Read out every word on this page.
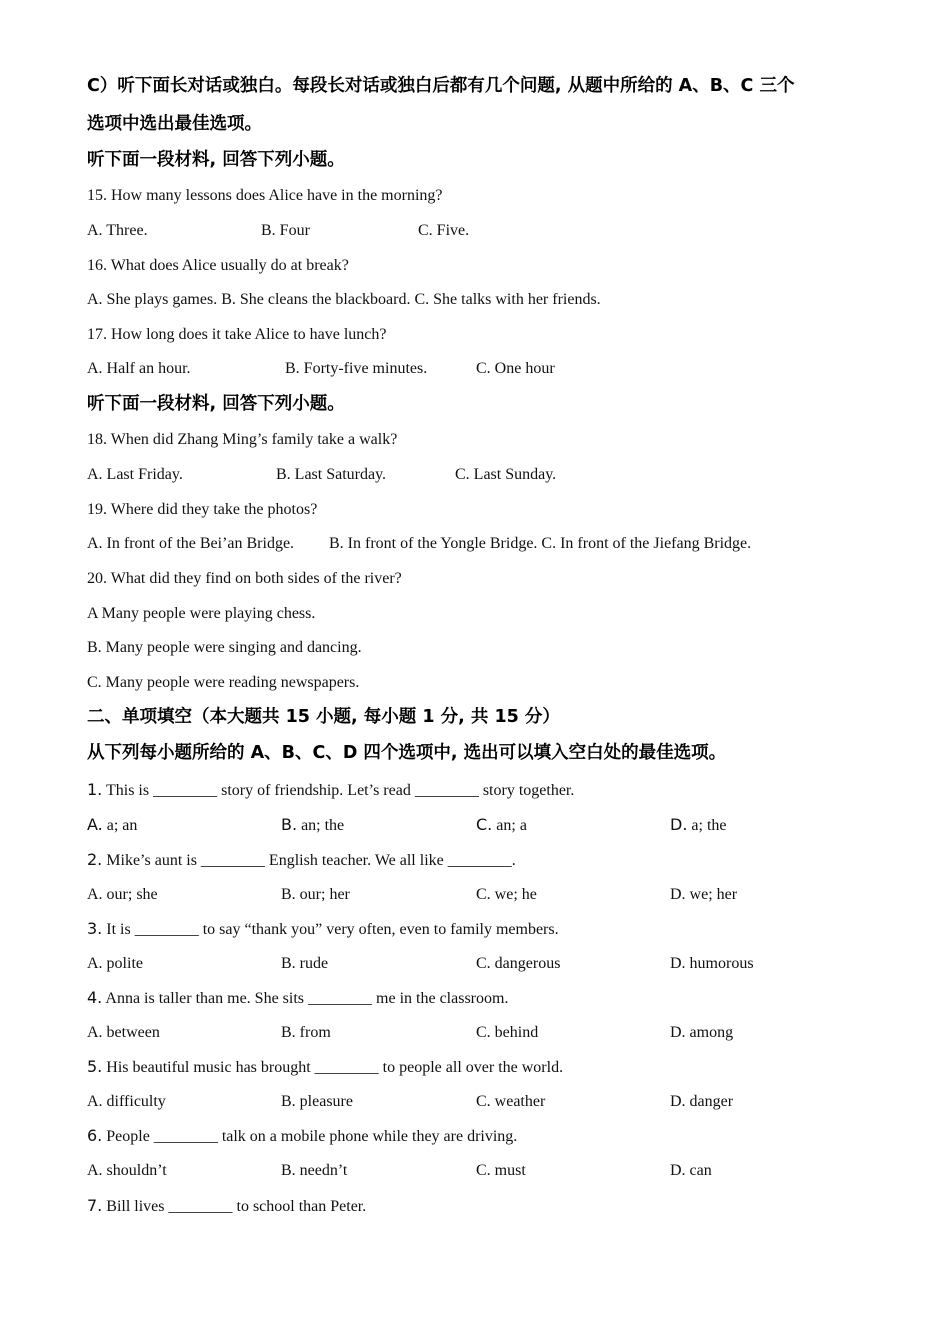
C）听下面长对话或独白。每段长对话或独白后都有几个问题, 从题中所给的 A、B、C 三个
选项中选出最佳选项。
听下面一段材料, 回答下列小题。
15. How many lessons does Alice have in the morning?
A. Three.	B. Four	C. Five.
16. What does Alice usually do at break?
A. She plays games. B. She cleans the blackboard. C. She talks with her friends.
17. How long does it take Alice to have lunch?
A. Half an hour.	B. Forty-five minutes.	C. One hour
听下面一段材料, 回答下列小题。
18. When did Zhang Ming’s family take a walk?
A. Last Friday.	B. Last Saturday.	C. Last Sunday.
19. Where did they take the photos?
A. In front of the Bei’an Bridge. B. In front of the Yongle Bridge. C. In front of the Jiefang Bridge.
20. What did they find on both sides of the river?
A Many people were playing chess.
B. Many people were singing and dancing.
C. Many people were reading newspapers.
二、单项填空（本大题共 15 小题, 每小题 1 分, 共 15 分）
从下列每小题所给的 A、B、C、D 四个选项中, 选出可以填入空白处的最佳选项。
1. This is ________ story of friendship. Let’s read ________ story together.
A. a; an	B. an; the	C. an; a	D. a; the
2. Mike’s aunt is ________ English teacher. We all like ________.
A. our; she	B. our; her	C. we; he	D. we; her
3. It is ________ to say “thank you” very often, even to family members.
A. polite	B. rude	C. dangerous	D. humorous
4. Anna is taller than me. She sits ________ me in the classroom.
A. between	B. from	C. behind	D. among
5. His beautiful music has brought ________ to people all over the world.
A. difficulty	B. pleasure	C. weather	D. danger
6. People ________ talk on a mobile phone while they are driving.
A. shouldn’t	B. needn’t	C. must	D. can
7. Bill lives ________ to school than Peter.
